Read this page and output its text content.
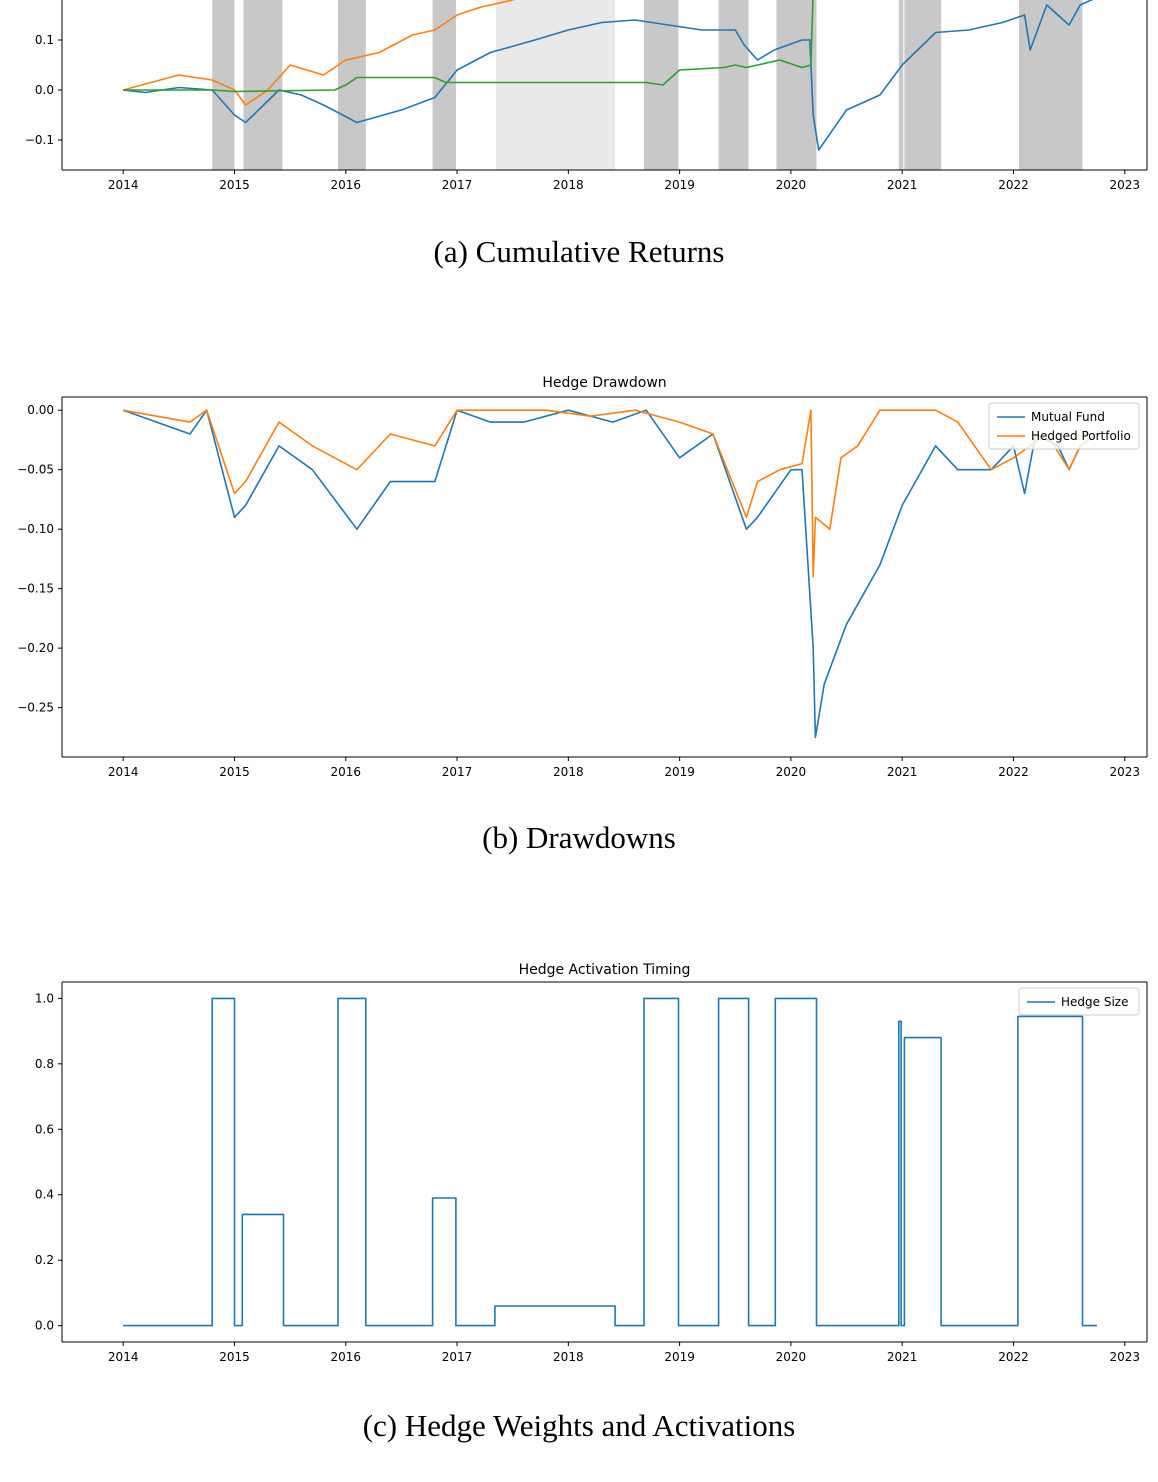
2014	2015	2016	2017	2018	2019	2020	2021	2022	2023
−0.1
0.0
0.1
(a) Cumulative Returns
2014	2015	2016	2017	2018	2019	2020	2021	2022	2023
−0.25
−0.20
−0.15
−0.10
−0.05
0.00
Hedge Drawdown
Mutual Fund
Hedged Portfolio
(b) Drawdowns
2014	2015	2016	2017	2018	2019	2020	2021	2022	2023
0.0
0.2
0.4
0.6
0.8
1.0
Hedge Activation Timing
Hedge Size
(c) Hedge Weights and Activations
